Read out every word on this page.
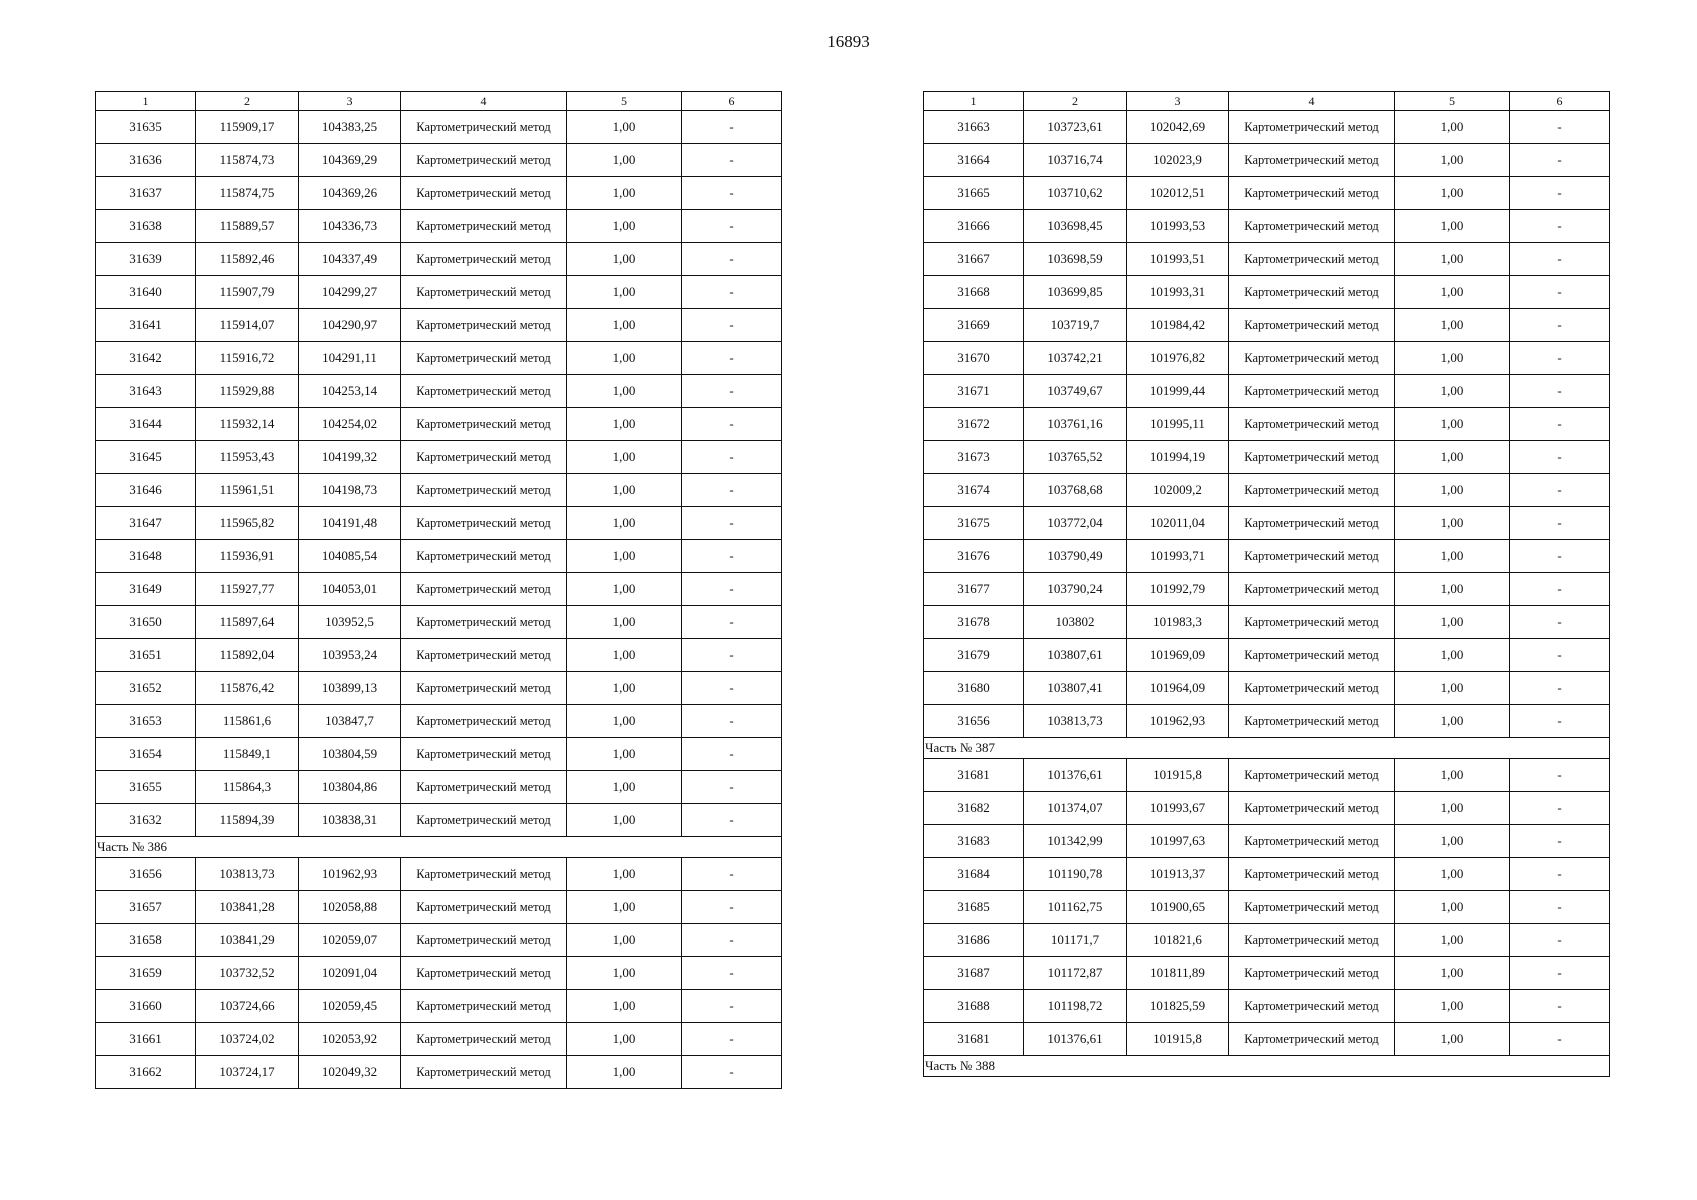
16893
1	2	3	4	5	6
31635	115909,17	104383,25	Картометрический метод	1,00	-
31636	115874,73	104369,29	Картометрический метод	1,00	-
31637	115874,75	104369,26	Картометрический метод	1,00	-
31638	115889,57	104336,73	Картометрический метод	1,00	-
31639	115892,46	104337,49	Картометрический метод	1,00	-
31640	115907,79	104299,27	Картометрический метод	1,00	-
31641	115914,07	104290,97	Картометрический метод	1,00	-
31642	115916,72	104291,11	Картометрический метод	1,00	-
31643	115929,88	104253,14	Картометрический метод	1,00	-
31644	115932,14	104254,02	Картометрический метод	1,00	-
31645	115953,43	104199,32	Картометрический метод	1,00	-
31646	115961,51	104198,73	Картометрический метод	1,00	-
31647	115965,82	104191,48	Картометрический метод	1,00	-
31648	115936,91	104085,54	Картометрический метод	1,00	-
31649	115927,77	104053,01	Картометрический метод	1,00	-
31650	115897,64	103952,5	Картометрический метод	1,00	-
31651	115892,04	103953,24	Картометрический метод	1,00	-
31652	115876,42	103899,13	Картометрический метод	1,00	-
31653	115861,6	103847,7	Картометрический метод	1,00	-
31654	115849,1	103804,59	Картометрический метод	1,00	-
31655	115864,3	103804,86	Картометрический метод	1,00	-
31632	115894,39	103838,31	Картометрический метод	1,00	-
Часть № 386					
31656	103813,73	101962,93	Картометрический метод	1,00	-
31657	103841,28	102058,88	Картометрический метод	1,00	-
31658	103841,29	102059,07	Картометрический метод	1,00	-
31659	103732,52	102091,04	Картометрический метод	1,00	-
31660	103724,66	102059,45	Картометрический метод	1,00	-
31661	103724,02	102053,92	Картометрический метод	1,00	-
31662	103724,17	102049,32	Картометрический метод	1,00	-
1	2	3	4	5	6
31663	103723,61	102042,69	Картометрический метод	1,00	-
31664	103716,74	102023,9	Картометрический метод	1,00	-
31665	103710,62	102012,51	Картометрический метод	1,00	-
31666	103698,45	101993,53	Картометрический метод	1,00	-
31667	103698,59	101993,51	Картометрический метод	1,00	-
31668	103699,85	101993,31	Картометрический метод	1,00	-
31669	103719,7	101984,42	Картометрический метод	1,00	-
31670	103742,21	101976,82	Картометрический метод	1,00	-
31671	103749,67	101999,44	Картометрический метод	1,00	-
31672	103761,16	101995,11	Картометрический метод	1,00	-
31673	103765,52	101994,19	Картометрический метод	1,00	-
31674	103768,68	102009,2	Картометрический метод	1,00	-
31675	103772,04	102011,04	Картометрический метод	1,00	-
31676	103790,49	101993,71	Картометрический метод	1,00	-
31677	103790,24	101992,79	Картометрический метод	1,00	-
31678	103802	101983,3	Картометрический метод	1,00	-
31679	103807,61	101969,09	Картометрический метод	1,00	-
31680	103807,41	101964,09	Картометрический метод	1,00	-
31656	103813,73	101962,93	Картометрический метод	1,00	-
Часть № 387					
31681	101376,61	101915,8	Картометрический метод	1,00	-
31682	101374,07	101993,67	Картометрический метод	1,00	-
31683	101342,99	101997,63	Картометрический метод	1,00	-
31684	101190,78	101913,37	Картометрический метод	1,00	-
31685	101162,75	101900,65	Картометрический метод	1,00	-
31686	101171,7	101821,6	Картометрический метод	1,00	-
31687	101172,87	101811,89	Картометрический метод	1,00	-
31688	101198,72	101825,59	Картометрический метод	1,00	-
31681	101376,61	101915,8	Картометрический метод	1,00	-
Часть № 388					
